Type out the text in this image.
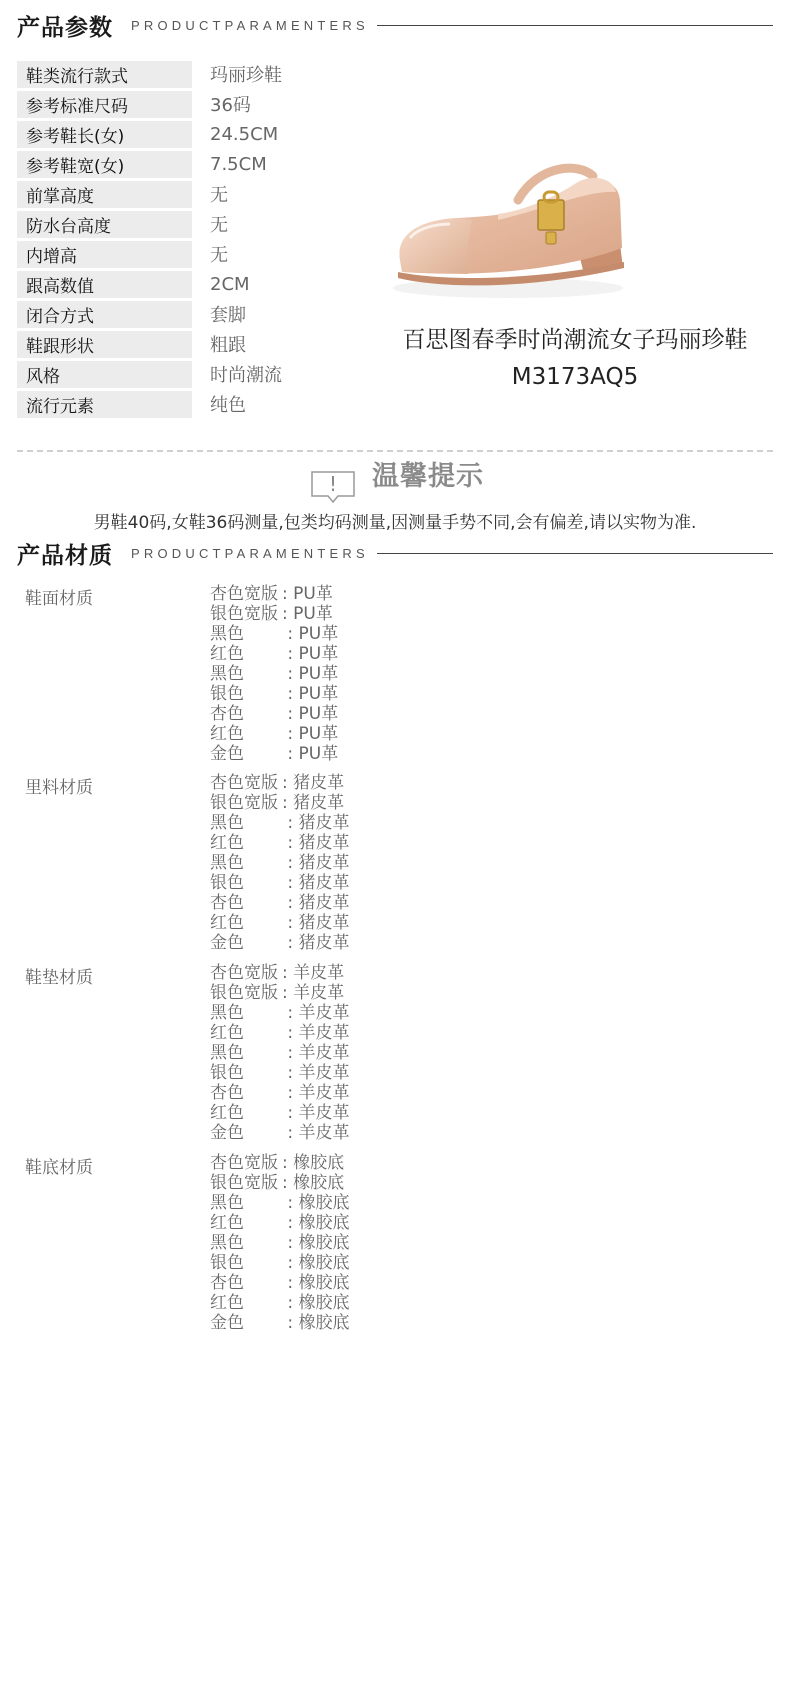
产品参数 PRODUCTPARAMENTERS
鞋类流行款式	玛丽珍鞋
参考标准尺码	36码
参考鞋长(女)	24.5CM
参考鞋宽(女)	7.5CM
前掌高度	无
防水台高度	无
内增高	无
跟高数值	2CM
闭合方式	套脚
鞋跟形状	粗跟
风格	时尚潮流
流行元素	纯色
百思图春季时尚潮流女子玛丽珍鞋
M3173AQ5
! 温馨提示
男鞋40码,女鞋36码测量,包类均码测量,因测量手势不同,会有偏差,请以实物为准.
产品材质 PRODUCTPARAMENTERS
鞋面材质	杏色宽版 : PU革
银色宽版 : PU革
黑色	: PU革
红色	: PU革
黑色	: PU革
银色	: PU革
杏色	: PU革
红色	: PU革
金色	: PU革
里料材质	杏色宽版 : 猪皮革
银色宽版 : 猪皮革
黑色	: 猪皮革
红色	: 猪皮革
黑色	: 猪皮革
银色	: 猪皮革
杏色	: 猪皮革
红色	: 猪皮革
金色	: 猪皮革
鞋垫材质	杏色宽版 : 羊皮革
银色宽版 : 羊皮革
黑色	: 羊皮革
红色	: 羊皮革
黑色	: 羊皮革
银色	: 羊皮革
杏色	: 羊皮革
红色	: 羊皮革
金色	: 羊皮革
鞋底材质	杏色宽版 : 橡胶底
银色宽版 : 橡胶底
黑色	: 橡胶底
红色	: 橡胶底
黑色	: 橡胶底
银色	: 橡胶底
杏色	: 橡胶底
红色	: 橡胶底
金色	: 橡胶底
